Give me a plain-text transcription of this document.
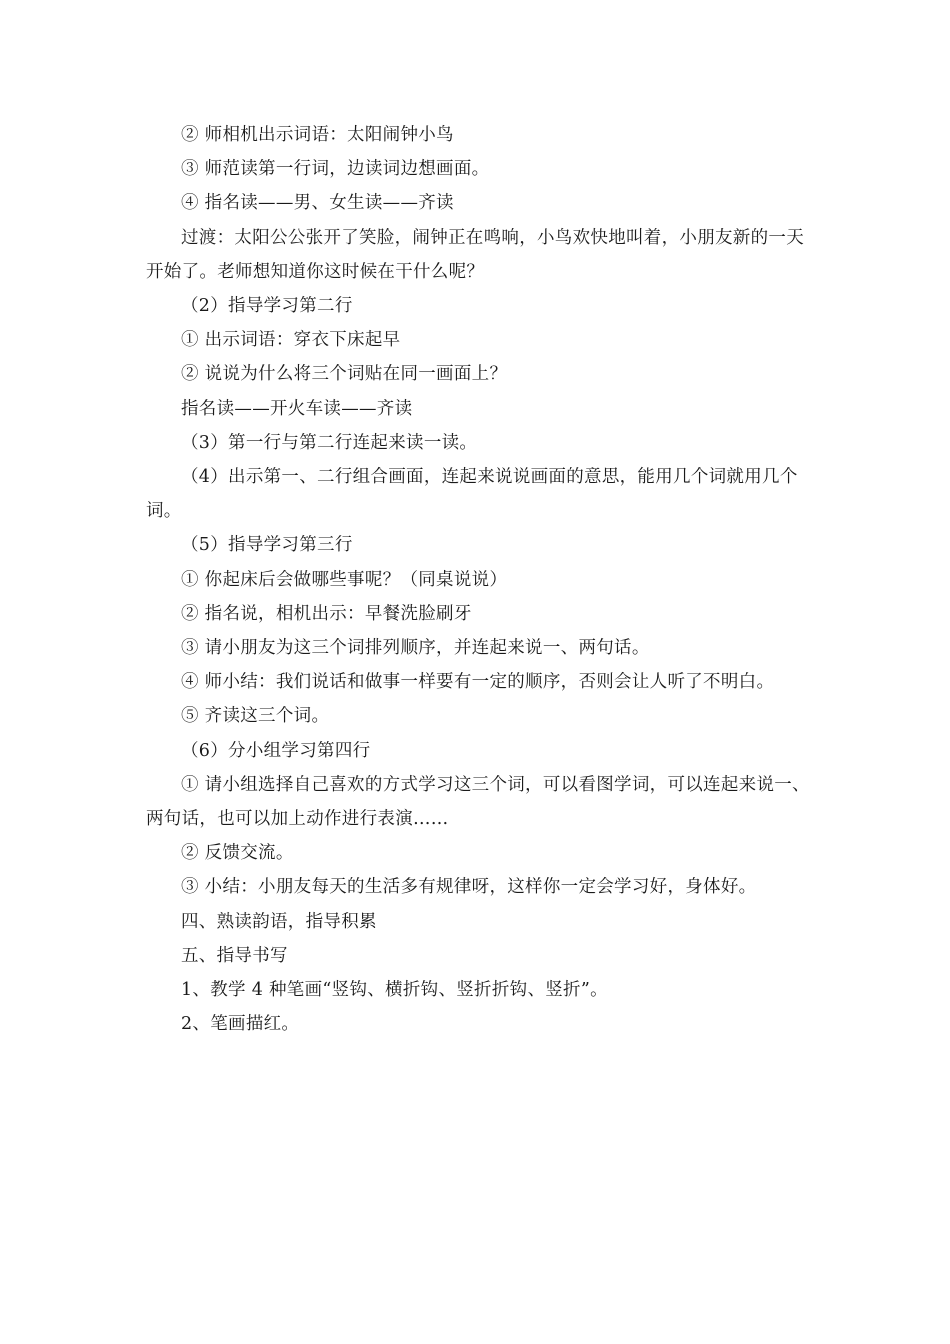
② 师相机出示词语：太阳闹钟小鸟

③ 师范读第一行词，边读词边想画面。

④ 指名读——男、女生读——齐读

过渡：太阳公公张开了笑脸，闹钟正在鸣响，小鸟欢快地叫着，小朋友新的一天开始了。老师想知道你这时候在干什么呢？

（2）指导学习第二行

① 出示词语：穿衣下床起早

② 说说为什么将三个词贴在同一画面上？

指名读——开火车读——齐读

（3）第一行与第二行连起来读一读。

（4）出示第一、二行组合画面，连起来说说画面的意思，能用几个词就用几个词。

（5）指导学习第三行

① 你起床后会做哪些事呢？（同桌说说）

② 指名说，相机出示：早餐洗脸刷牙

③ 请小朋友为这三个词排列顺序，并连起来说一、两句话。

④ 师小结：我们说话和做事一样要有一定的顺序，否则会让人听了不明白。

⑤ 齐读这三个词。

（6）分小组学习第四行

① 请小组选择自己喜欢的方式学习这三个词，可以看图学词，可以连起来说一、两句话，也可以加上动作进行表演……

② 反馈交流。

③ 小结：小朋友每天的生活多有规律呀，这样你一定会学习好，身体好。

四、熟读韵语，指导积累

五、指导书写

1、教学 4 种笔画“竖钩、横折钩、竖折折钩、竖折”。

2、笔画描红。
